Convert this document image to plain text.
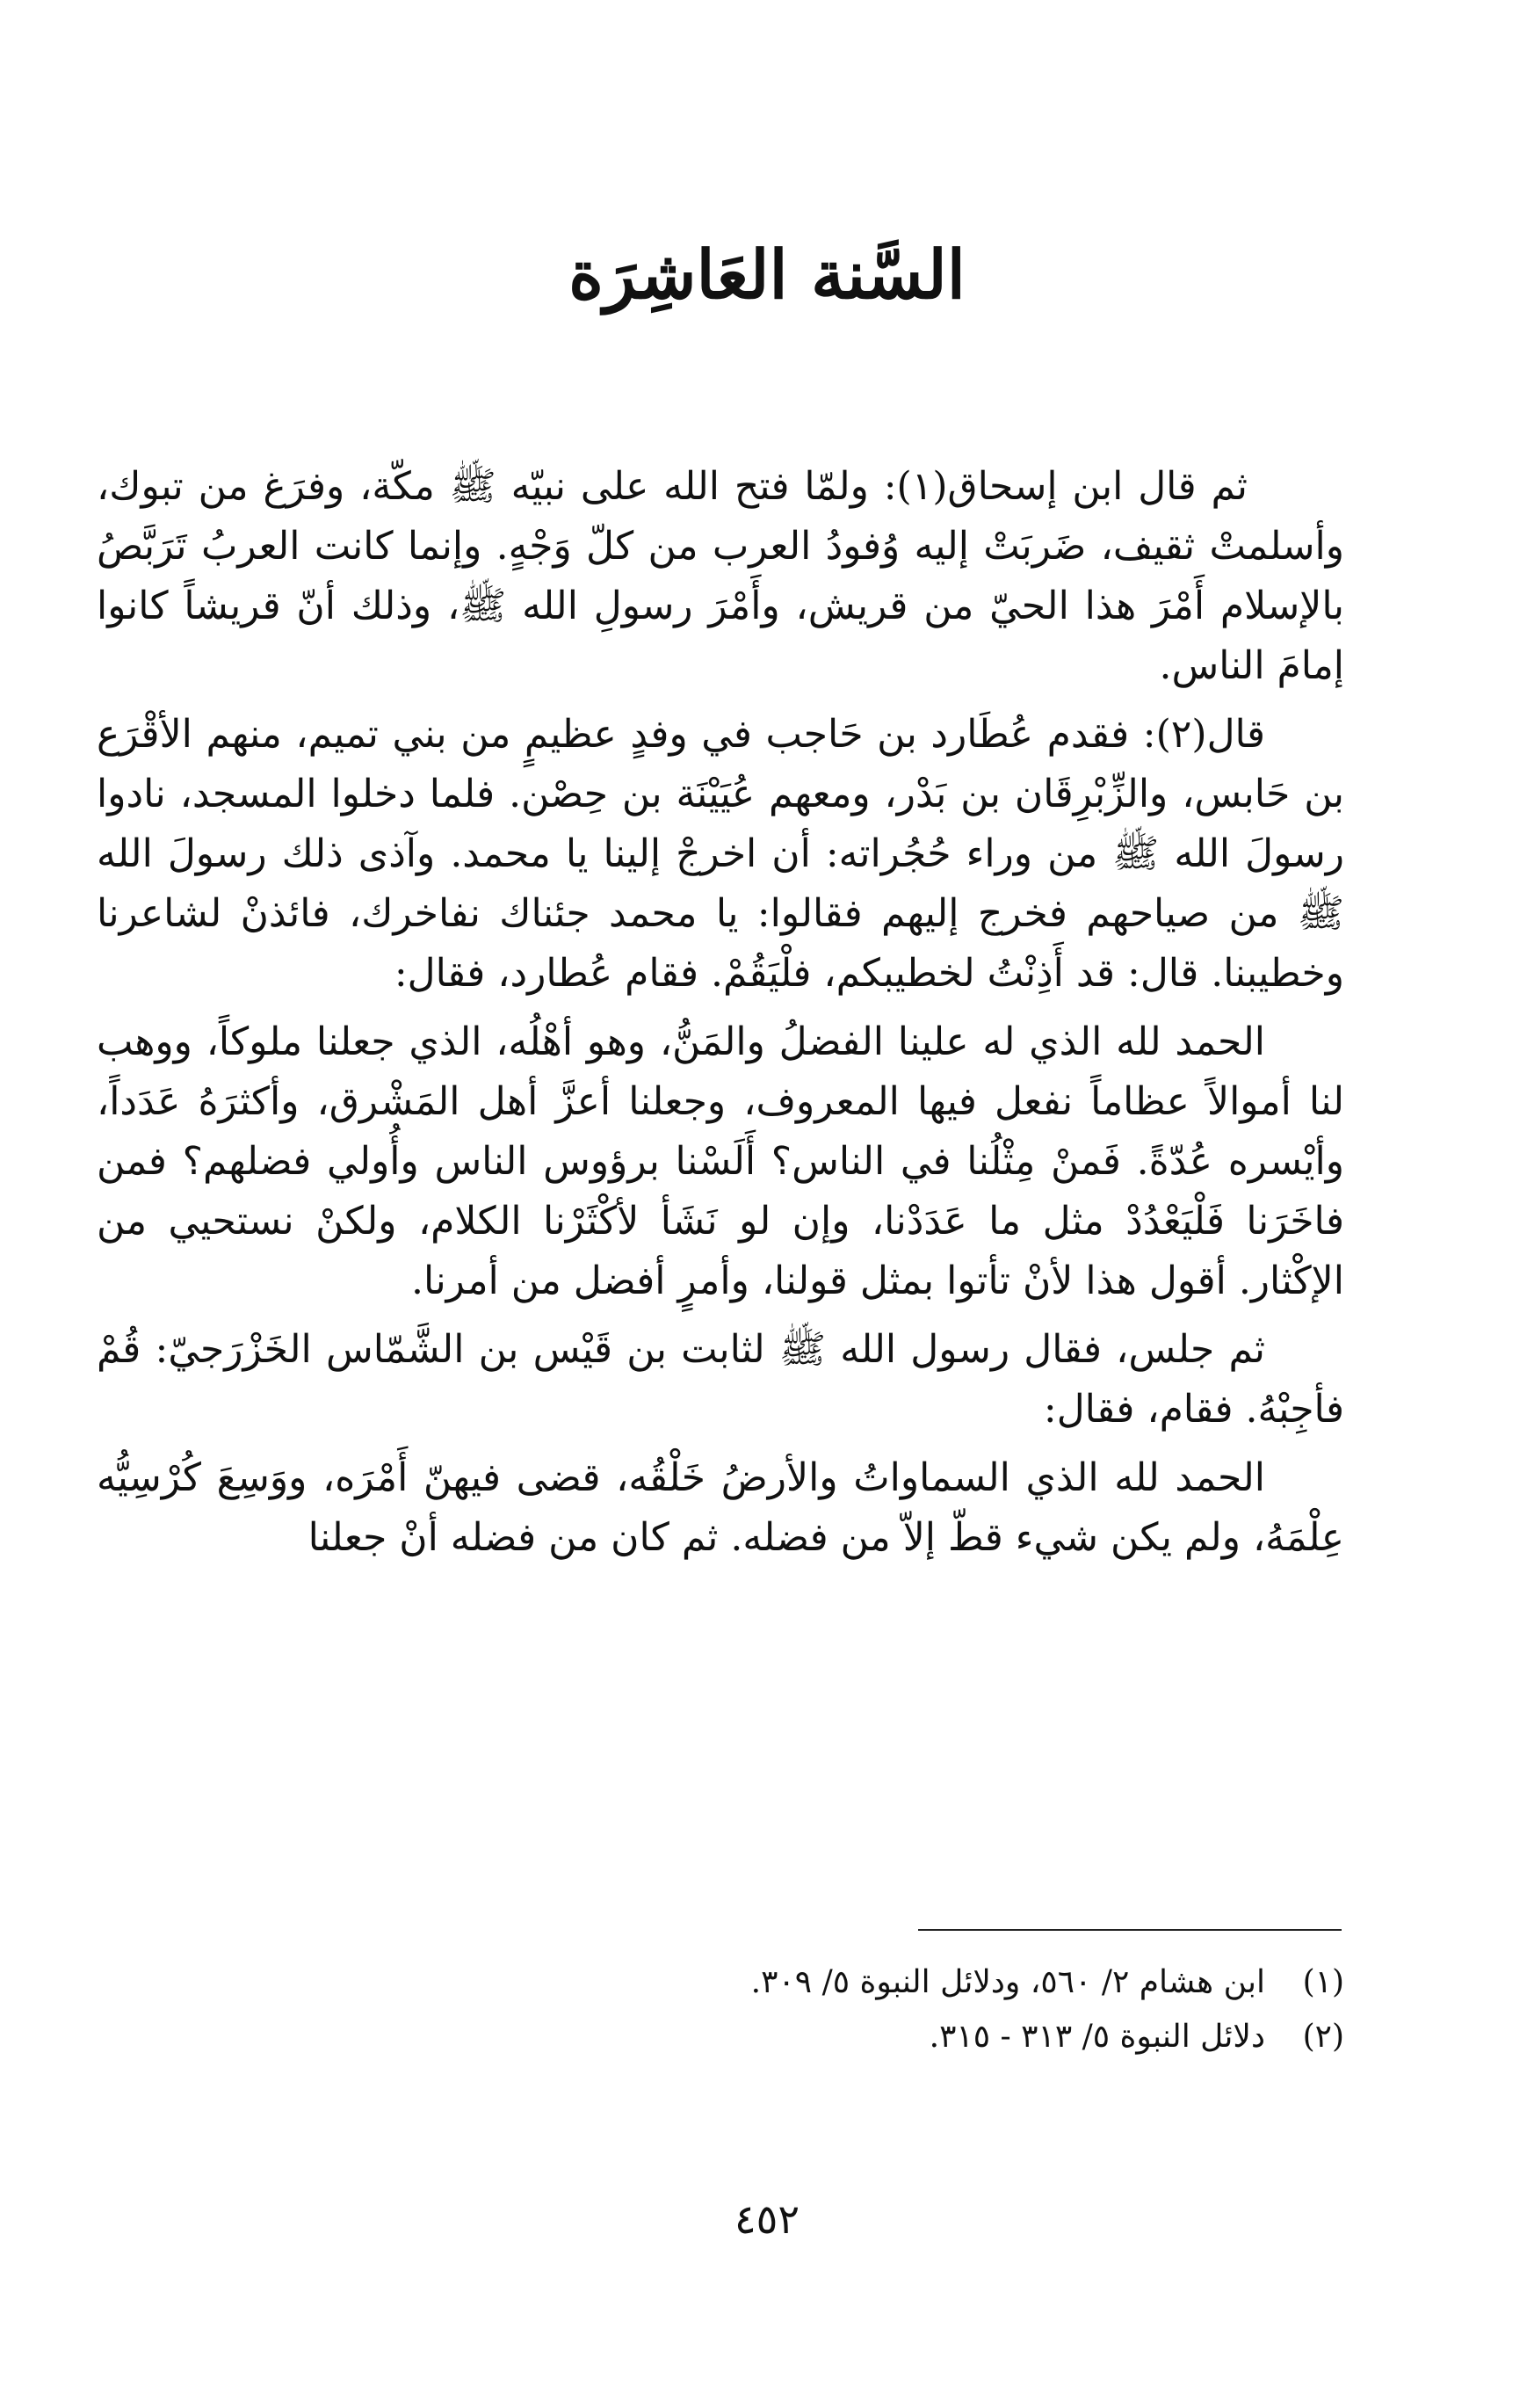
السَّنة العَاشِرَة

ثم قال ابن إسحاق(١): ولمّا فتح الله على نبيّه ﷺ مكّة، وفرَغ من تبوك، وأسلمتْ ثقيف، ضَربَتْ إليه وُفودُ العرب من كلّ وَجْهٍ. وإنما كانت العربُ تَرَبَّصُ بالإسلام أَمْرَ هذا الحيّ من قريش، وأَمْرَ رسولِ الله ﷺ، وذلك أنّ قريشاً كانوا إمامَ الناس.

قال(٢): فقدم عُطَارد بن حَاجب في وفدٍ عظيمٍ من بني تميم، منهم الأقْرَع بن حَابس، والزِّبْرِقَان بن بَدْر، ومعهم عُيَيْنَة بن حِصْن. فلما دخلوا المسجد، نادوا رسولَ الله ﷺ من وراء حُجُراته: أن اخرجْ إلينا يا محمد. وآذى ذلك رسولَ الله ﷺ من صياحهم فخرج إليهم فقالوا: يا محمد جئناك نفاخرك، فائذنْ لشاعرنا وخطيبنا. قال: قد أَذِنْتُ لخطيبكم، فلْيَقُمْ. فقام عُطارد، فقال:

الحمد لله الذي له علينا الفضلُ والمَنُّ، وهو أهْلُه، الذي جعلنا ملوكاً، ووهب لنا أموالاً عظاماً نفعل فيها المعروف، وجعلنا أعزَّ أهل المَشْرق، وأكثرَهُ عَدَداً، وأيْسره عُدّةً. فَمنْ مِثْلُنا في الناس؟ أَلَسْنا برؤوس الناس وأُولي فضلهم؟ فمن فاخَرَنا فَلْيَعْدُدْ مثل ما عَدَدْنا، وإن لو نَشَأ لأكْثَرْنا الكلام، ولكنْ نستحيي من الإكْثار. أقول هذا لأنْ تأتوا بمثل قولنا، وأمرٍ أفضل من أمرنا.

ثم جلس، فقال رسول الله ﷺ لثابت بن قَيْس بن الشَّمّاس الخَزْرَجيّ: قُمْ فأجِبْهُ. فقام، فقال:

الحمد لله الذي السماواتُ والأرضُ خَلْقُه، قضى فيهنّ أَمْرَه، ووَسِعَ كُرْسِيُّه عِلْمَهُ، ولم يكن شيء قطّ إلاّ من فضله. ثم كان من فضله أنْ جعلنا

(١)
ابن هشام ٢/ ٥٦٠، ودلائل النبوة ٥/ ٣٠٩.
(٢)
دلائل النبوة ٥/ ٣١٣ - ٣١٥.
٤٥٢
